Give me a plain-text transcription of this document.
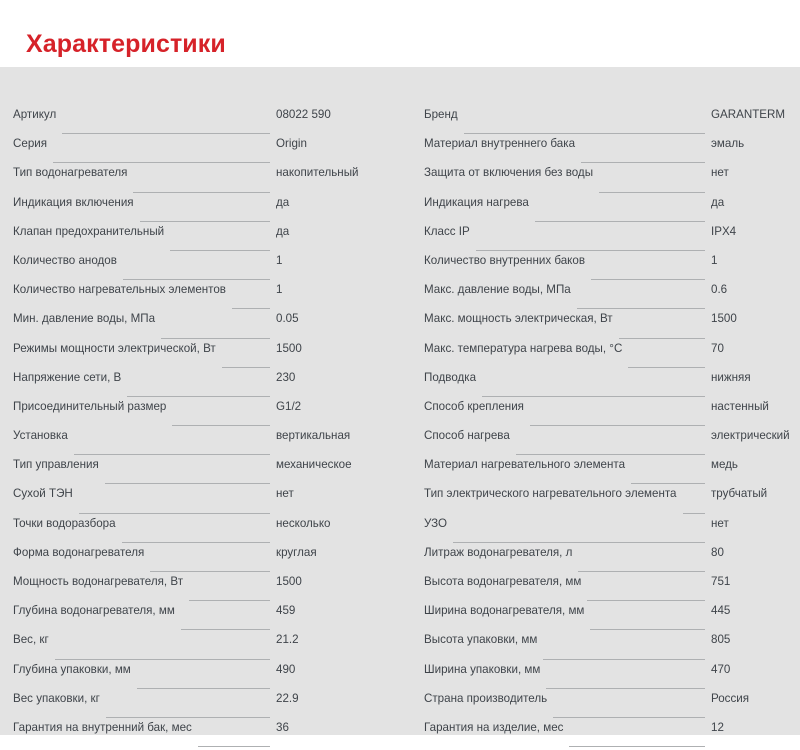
Характеристики
Артикул	08022 590
Серия	Origin
Тип водонагревателя	накопительный
Индикация включения	да
Клапан предохранительный	да
Количество анодов	1
Количество нагревательных элементов	1
Мин. давление воды, МПа	0.05
Режимы мощности электрической, Вт	1500
Напряжение сети, В	230
Присоединительный размер	G1/2
Установка	вертикальная
Тип управления	механическое
Сухой ТЭН	нет
Точки водоразбора	несколько
Форма водонагревателя	круглая
Мощность водонагревателя, Вт	1500
Глубина водонагревателя, мм	459
Вес, кг	21.2
Глубина упаковки, мм	490
Вес упаковки, кг	22.9
Гарантия на внутренний бак, мес	36
Бренд	GARANTERM
Материал внутреннего бака	эмаль
Защита от включения без воды	нет
Индикация нагрева	да
Класс IP	IPX4
Количество внутренних баков	1
Макс. давление воды, МПа	0.6
Макс. мощность электрическая, Вт	1500
Макс. температура нагрева воды, °C	70
Подводка	нижняя
Способ крепления	настенный
Способ нагрева	электрический
Материал нагревательного элемента	медь
Тип электрического нагревательного элемента	трубчатый
УЗО	нет
Литраж водонагревателя, л	80
Высота водонагревателя, мм	751
Ширина водонагревателя, мм	445
Высота упаковки, мм	805
Ширина упаковки, мм	470
Страна производитель	Россия
Гарантия на изделие, мес	12
